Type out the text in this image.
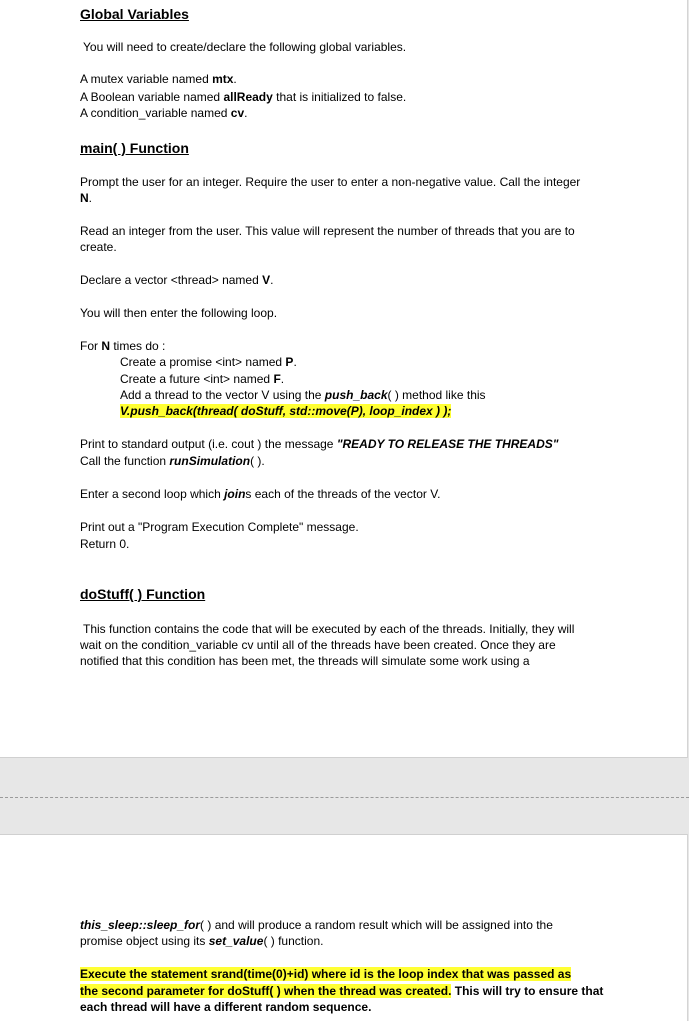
Global Variables
You will need to create/declare the following global variables.
A mutex variable named mtx.
A Boolean variable named allReady that is initialized to false.
A condition_variable named cv.
main( ) Function
Prompt the user for an integer. Require the user to enter a non-negative value. Call the integer
N.
Read an integer from the user. This value will represent the number of threads that you are to
create.
Declare a vector <thread> named V.
You will then enter the following loop.
For N times do :
Create a promise <int> named P.
Create a future <int> named F.
Add a thread to the vector V using the push_back( ) method like this
V.push_back(thread( doStuff, std::move(P), loop_index ) );
Print to standard output (i.e. cout ) the message "READY TO RELEASE THE THREADS"
Call the function runSimulation( ).
Enter a second loop which joins each of the threads of the vector V.
Print out a "Program Execution Complete" message.
Return 0.
doStuff( ) Function
This function contains the code that will be executed by each of the threads. Initially, they will
wait on the condition_variable cv until all of the threads have been created. Once they are
notified that this condition has been met, the threads will simulate some work using a
this_sleep::sleep_for( ) and will produce a random result which will be assigned into the
promise object using its set_value( ) function.
Execute the statement srand(time(0)+id) where id is the loop index that was passed as
the second parameter for doStuff( ) when the thread was created. This will try to ensure that
each thread will have a different random sequence.
